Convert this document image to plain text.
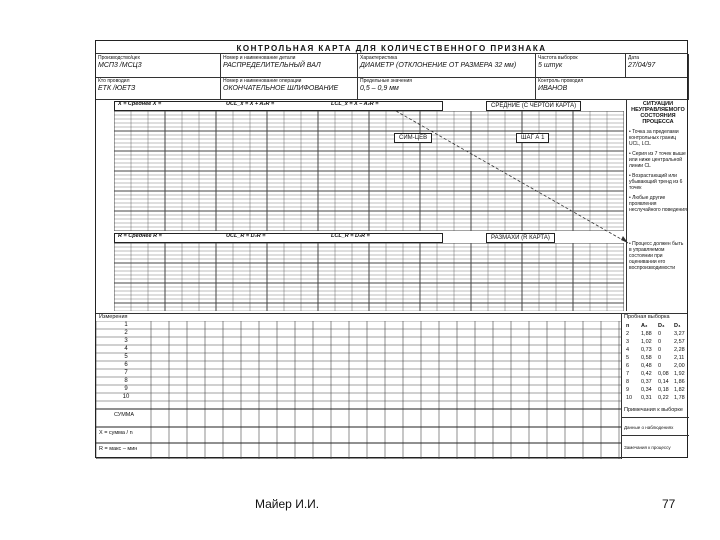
КОНТРОЛЬНАЯ КАРТА ДЛЯ КОЛИЧЕСТВЕННОГО ПРИЗНАКА
Производство/цех
МСП3 /МСЦ3
Номер и наименование детали
РАСПРЕДЕЛИТЕЛЬНЫЙ ВАЛ
Характеристика
ДИАМЕТР (ОТКЛОНЕНИЕ ОТ РАЗМЕРА 32 мм)
Частота выборок
5 штук
Дата
27/04/97
Кто проводил
ЕТК /ЮЕТЗ
Номер и наименование операции
ОКОНЧАТЕЛЬНОЕ ШЛИФОВАНИЕ
Предельные значения
0,5 – 0,9 мм
Контроль проводил
ИВАНОВ
X = Среднее X =	UCL_x = X + A₂R =	LCL_x = X – A₂R =	СРЕДНИЕ (С ЧЕРТОЙ КАРТА)
СИМ-ЦЕВ	ШАГ А 1
R = Среднее R =	UCL_R = D₄R =	LCL_R = D₃R =	РАЗМАХИ (R КАРТА)
СИТУАЦИИ НЕУПРАВЛЯЕМОГО СОСТОЯНИЯ ПРОЦЕССА
• Точка за пределами контрольных границ UCL, LCL
• Серия из 7 точек выше или ниже центральной линии CL
• Возрастающий или убывающий тренд из 6 точек
• Любые другие проявления неслучайного поведения
• Процесс должен быть в управляемом состоянии при оценивании его воспроизводимости
Измерения
1
2
3
4
5
6
7
8
9
10
СУММА
X = сумма / n
R = макс – мин
Пробная выборка
n A₂ D₃ D₄
2 1,88 0 3,27
3 1,02 0 2,57
4 0,73 0 2,28
5 0,58 0 2,11
6 0,48 0 2,00
7 0,42 0,08 1,92
8 0,37 0,14 1,86
9 0,34 0,18 1,82
10 0,31 0,22 1,78
Примечания к выборке
Данные о наблюдениях
Замечания к процессу
Майер И.И.	77
